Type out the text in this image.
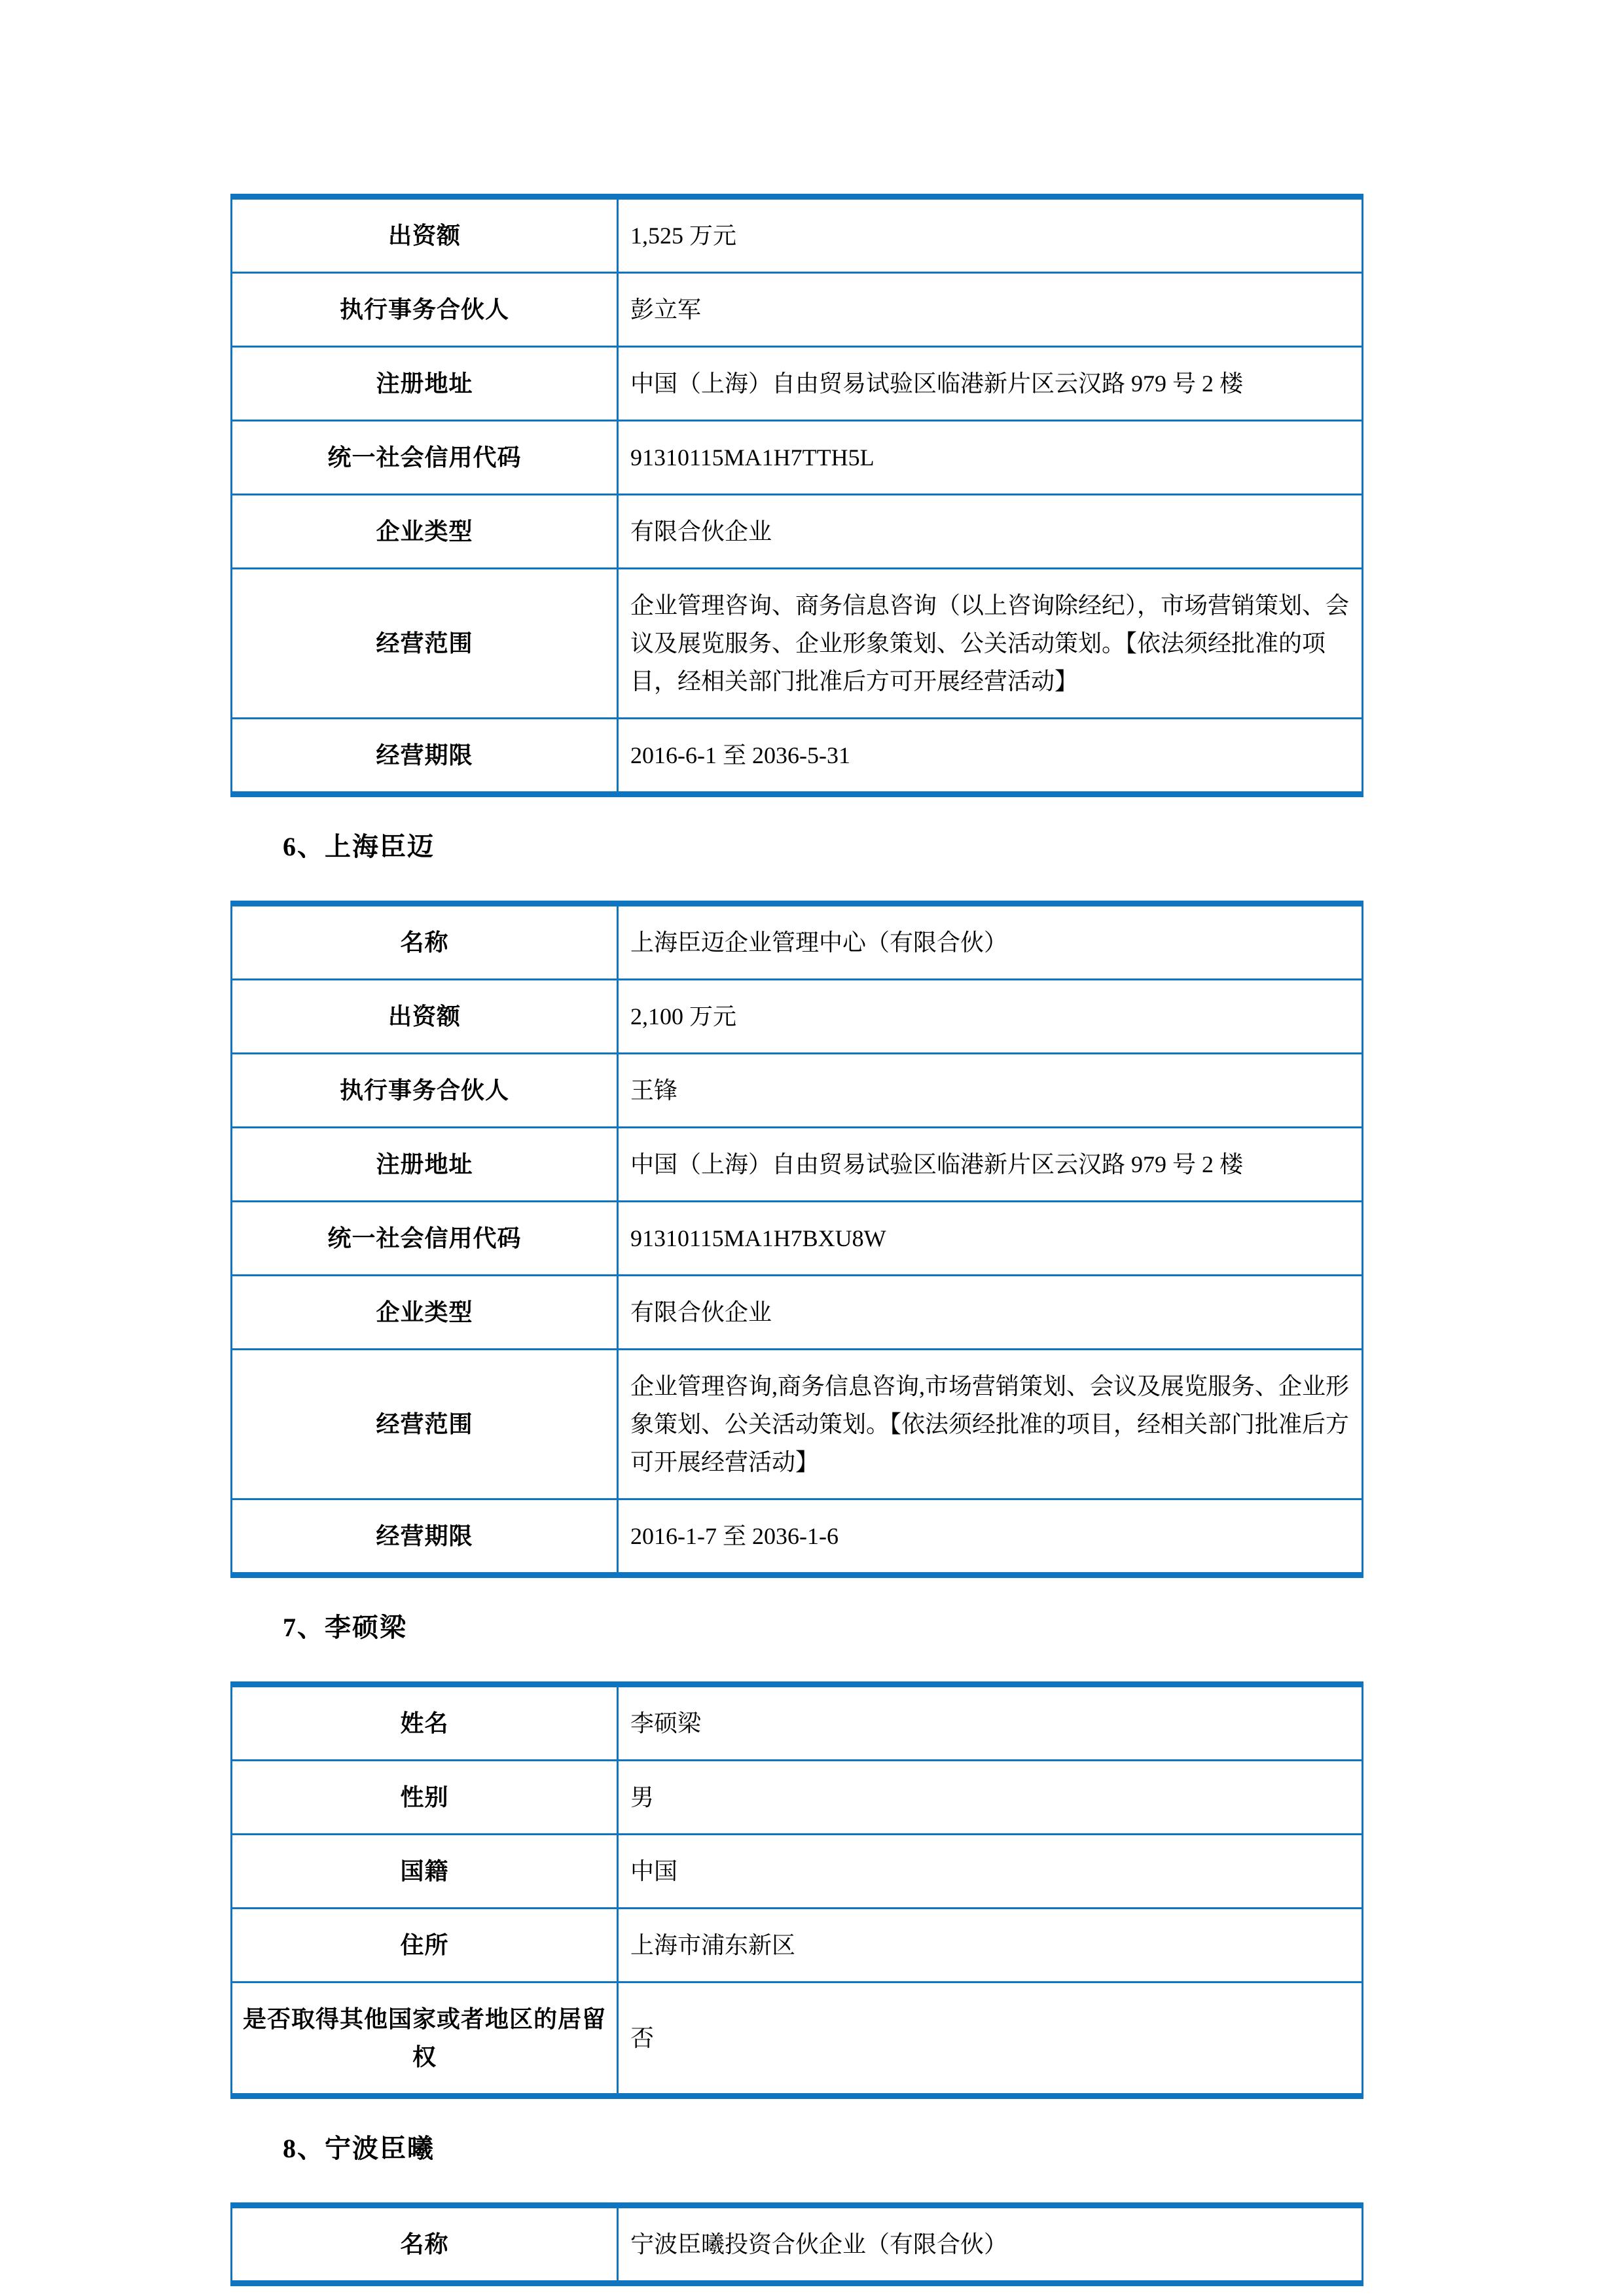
出资额	1,525 万元

执行事务合伙人	彭立军

注册地址	中国（上海）自由贸易试验区临港新片区云汉路 979 号 2 楼

统一社会信用代码	91310115MA1H7TTH5L

企业类型	有限合伙企业

经营范围	企业管理咨询、商务信息咨询（以上咨询除经纪），市场营销策划、会议及展览服务、企业形象策划、公关活动策划。【依法须经批准的项目，经相关部门批准后方可开展经营活动】

经营期限	2016-6-1 至 2036-5-31

6、上海臣迈

名称	上海臣迈企业管理中心（有限合伙）

出资额	2,100 万元

执行事务合伙人	王锋

注册地址	中国（上海）自由贸易试验区临港新片区云汉路 979 号 2 楼

统一社会信用代码	91310115MA1H7BXU8W

企业类型	有限合伙企业

经营范围	企业管理咨询,商务信息咨询,市场营销策划、会议及展览服务、企业形象策划、公关活动策划。【依法须经批准的项目，经相关部门批准后方可开展经营活动】

经营期限	2016-1-7 至 2036-1-6

7、李硕梁

姓名	李硕梁

性别	男

国籍	中国

住所	上海市浦东新区

是否取得其他国家或者地区的居留权	否

8、宁波臣曦

名称	宁波臣曦投资合伙企业（有限合伙）
